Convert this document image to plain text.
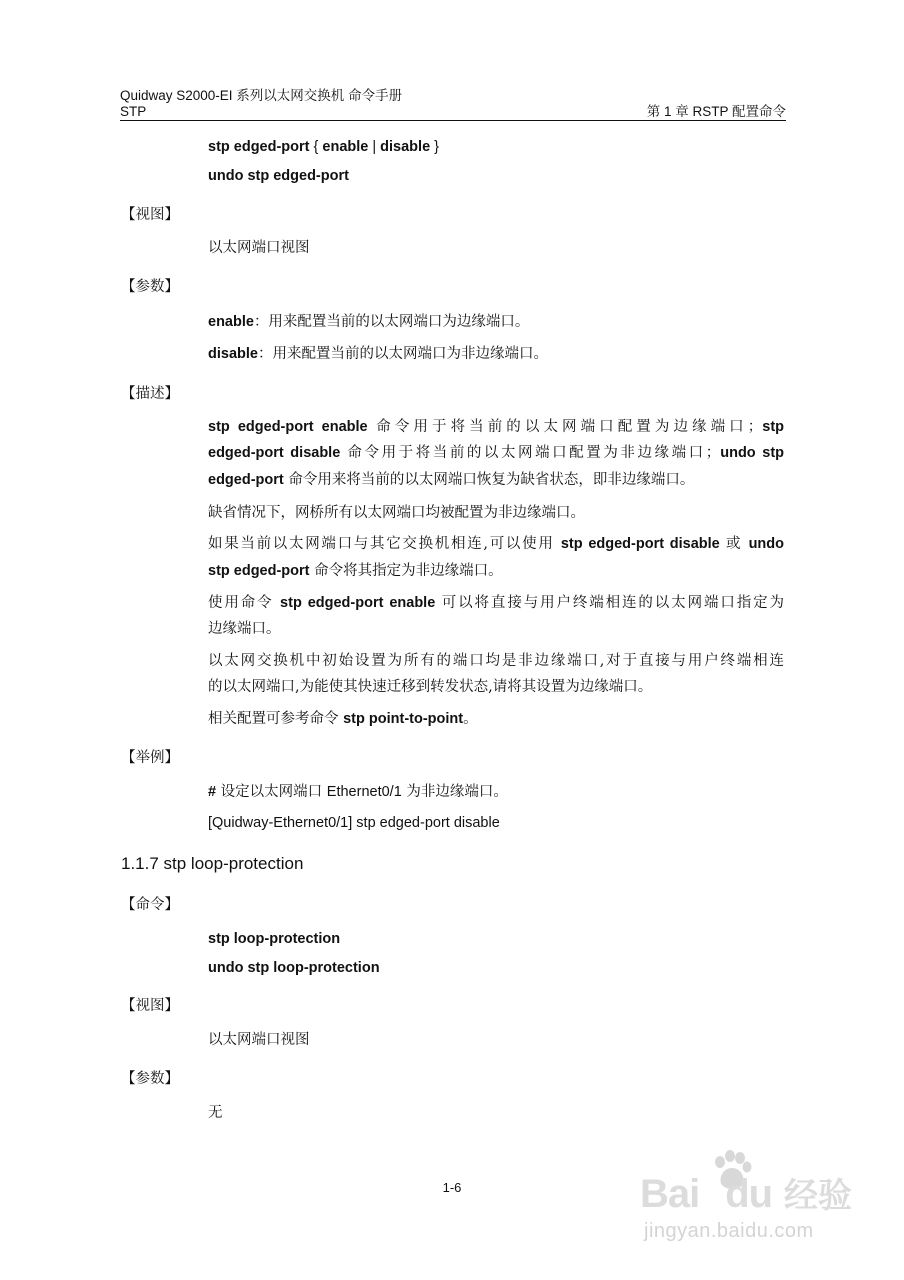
Quidway S2000-EI 系列以太网交换机 命令手册
STP	第 1 章 RSTP 配置命令
stp edged-port { enable | disable }
undo stp edged-port
【视图】
以太网端口视图
【参数】
enable：用来配置当前的以太网端口为边缘端口。
disable：用来配置当前的以太网端口为非边缘端口。
【描述】
stp edged-port enable 命令用于将当前的以太网端口配置为边缘端口；stp
edged-port disable 命令用于将当前的以太网端口配置为非边缘端口；undo stp
edged-port 命令用来将当前的以太网端口恢复为缺省状态，即非边缘端口。
缺省情况下，网桥所有以太网端口均被配置为非边缘端口。
如果当前以太网端口与其它交换机相连,可以使用 stp edged-port disable 或 undo
stp edged-port 命令将其指定为非边缘端口。
使用命令 stp edged-port enable 可以将直接与用户终端相连的以太网端口指定为
边缘端口。
以太网交换机中初始设置为所有的端口均是非边缘端口,对于直接与用户终端相连
的以太网端口,为能使其快速迁移到转发状态,请将其设置为边缘端口。
相关配置可参考命令 stp point-to-point。
【举例】
# 设定以太网端口 Ethernet0/1 为非边缘端口。
[Quidway-Ethernet0/1] stp edged-port disable
1.1.7 stp loop-protection
【命令】
stp loop-protection
undo stp loop-protection
【视图】
以太网端口视图
【参数】
无
1-6	Bai du 经验
jingyan.baidu.com
